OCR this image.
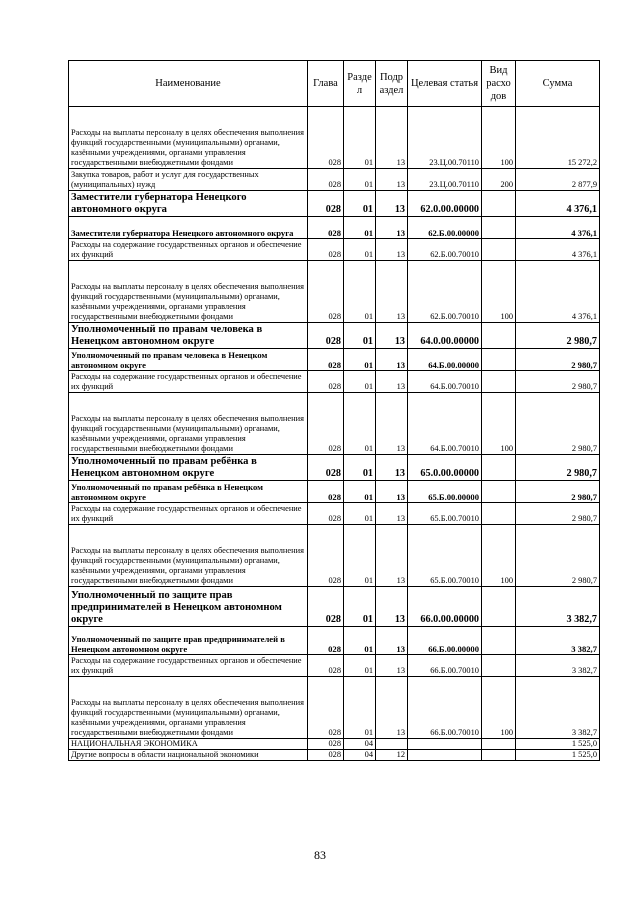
Наименование	Глава	Разде л	Подр аздел	Целевая статья	Вид расхо дов	Сумма
Расходы на выплаты персоналу в целях обеспечения выполнения функций государственными (муниципальными) органами, казёнными учреждениями, органами управления государственными внебюджетными фондами	028	01	13	23.Ц.00.70110	100	15 272,2
Закупка товаров, работ и услуг для государственных (муниципальных) нужд	028	01	13	23.Ц.00.70110	200	2 877,9
Заместители губернатора Ненецкого автономного округа	028	01	13	62.0.00.00000		4 376,1
Заместители губернатора Ненецкого автономного округа	028	01	13	62.Б.00.00000		4 376,1
Расходы на содержание государственных органов и обеспечение их функций	028	01	13	62.Б.00.70010		4 376,1
Расходы на выплаты персоналу в целях обеспечения выполнения функций государственными (муниципальными) органами, казёнными учреждениями, органами управления государственными внебюджетными фондами	028	01	13	62.Б.00.70010	100	4 376,1
Уполномоченный по правам человека в Ненецком автономном округе	028	01	13	64.0.00.00000		2 980,7
Уполномоченный по правам человека в Ненецком автономном округе	028	01	13	64.Б.00.00000		2 980,7
Расходы на содержание государственных органов и обеспечение их функций	028	01	13	64.Б.00.70010		2 980,7
Расходы на выплаты персоналу в целях обеспечения выполнения функций государственными (муниципальными) органами, казёнными учреждениями, органами управления государственными внебюджетными фондами	028	01	13	64.Б.00.70010	100	2 980,7
Уполномоченный по правам ребёнка в Ненецком автономном округе	028	01	13	65.0.00.00000		2 980,7
Уполномоченный по правам ребёнка в Ненецком автономном округе	028	01	13	65.Б.00.00000		2 980,7
Расходы на содержание государственных органов и обеспечение их функций	028	01	13	65.Б.00.70010		2 980,7
Расходы на выплаты персоналу в целях обеспечения выполнения функций государственными (муниципальными) органами, казёнными учреждениями, органами управления государственными внебюджетными фондами	028	01	13	65.Б.00.70010	100	2 980,7
Уполномоченный по защите прав предпринимателей в Ненецком автономном округе	028	01	13	66.0.00.00000		3 382,7
Уполномоченный по защите прав предпринимателей в Ненецком автономном округе	028	01	13	66.Б.00.00000		3 382,7
Расходы на содержание государственных органов и обеспечение их функций	028	01	13	66.Б.00.70010		3 382,7
Расходы на выплаты персоналу в целях обеспечения выполнения функций государственными (муниципальными) органами, казёнными учреждениями, органами управления государственными внебюджетными фондами	028	01	13	66.Б.00.70010	100	3 382,7
НАЦИОНАЛЬНАЯ ЭКОНОМИКА	028	04				1 525,0
Другие вопросы в области национальной экономики	028	04	12			1 525,0
83
